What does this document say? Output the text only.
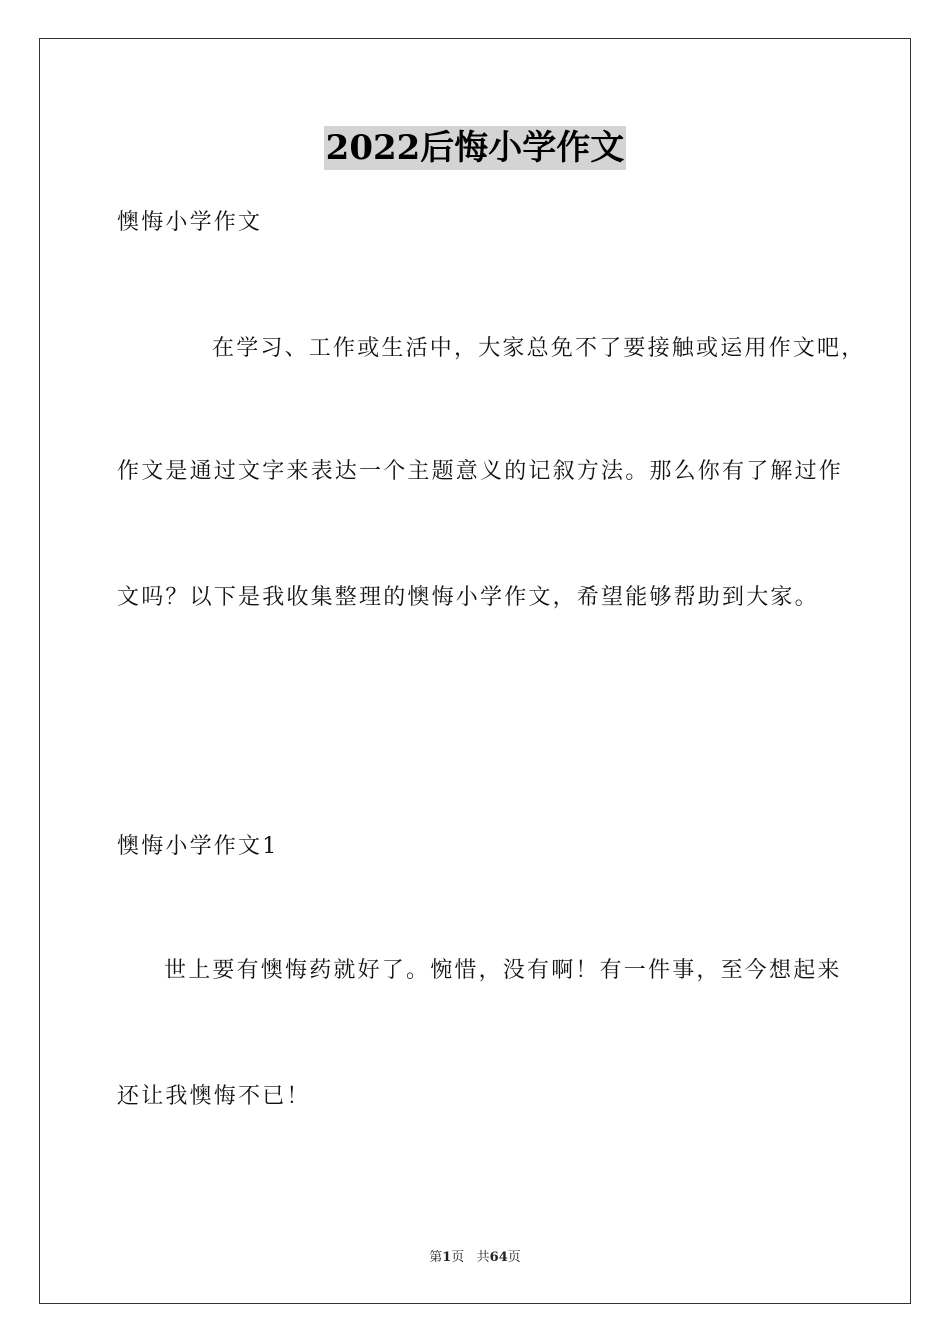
2022后悔小学作文
懊悔小学作文
在学习、工作或生活中，大家总免不了要接触或运用作文吧，
作文是通过文字来表达一个主题意义的记叙方法。那么你有了解过作
文吗？以下是我收集整理的懊悔小学作文，希望能够帮助到大家。
懊悔小学作文1
世上要有懊悔药就好了。惋惜，没有啊！有一件事，至今想起来
还让我懊悔不已！
第1页   共64页
